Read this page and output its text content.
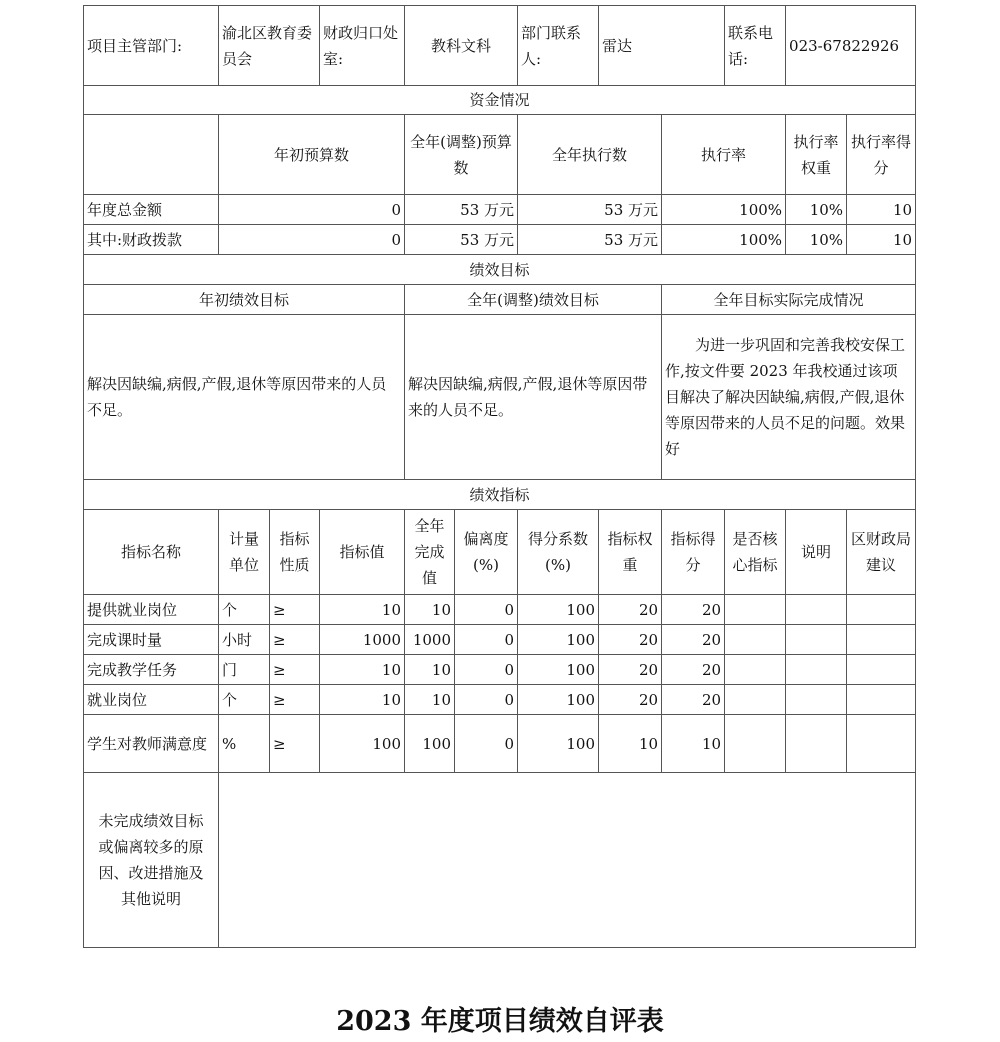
项目主管部门:	渝北区教育委员会		财政归口处室:	教科文科		部门联系人:	雷达		联系电话:	023-67822926	
资金情况											
	年初预算数			全年(调整)预算数		全年执行数		执行率		执行率权重	执行率得分
年度总金额	0			53 万元		53 万元		100%		10%	10
其中:财政拨款	0			53 万元		53 万元		100%		10%	10
绩效目标											
年初绩效目标				全年(调整)绩效目标				全年目标实际完成情况			
解决因缺编,病假,产假,退休等原因带来的人员不足。				解决因缺编,病假,产假,退休等原因带来的人员不足。				为进一步巩固和完善我校安保工作,按文件要 2023 年我校通过该项目解决了解决因缺编,病假,产假,退休等原因带来的人员不足的问题。效果好			
绩效指标											
指标名称	计量单位	指标性质	指标值	全年完成值	偏离度(%)	得分系数(%)	指标权重	指标得分	是否核心指标	说明	区财政局建议
提供就业岗位	个	≥	10	10	0	100	20	20			
完成课时量	小时	≥	1000	1000	0	100	20	20			
完成教学任务	门	≥	10	10	0	100	20	20			
就业岗位	个	≥	10	10	0	100	20	20			
学生对教师满意度	%	≥	100	100	0	100	10	10			
未完成绩效目标或偏离较多的原因、改进措施及其他说明											
2023 年度项目绩效自评表
